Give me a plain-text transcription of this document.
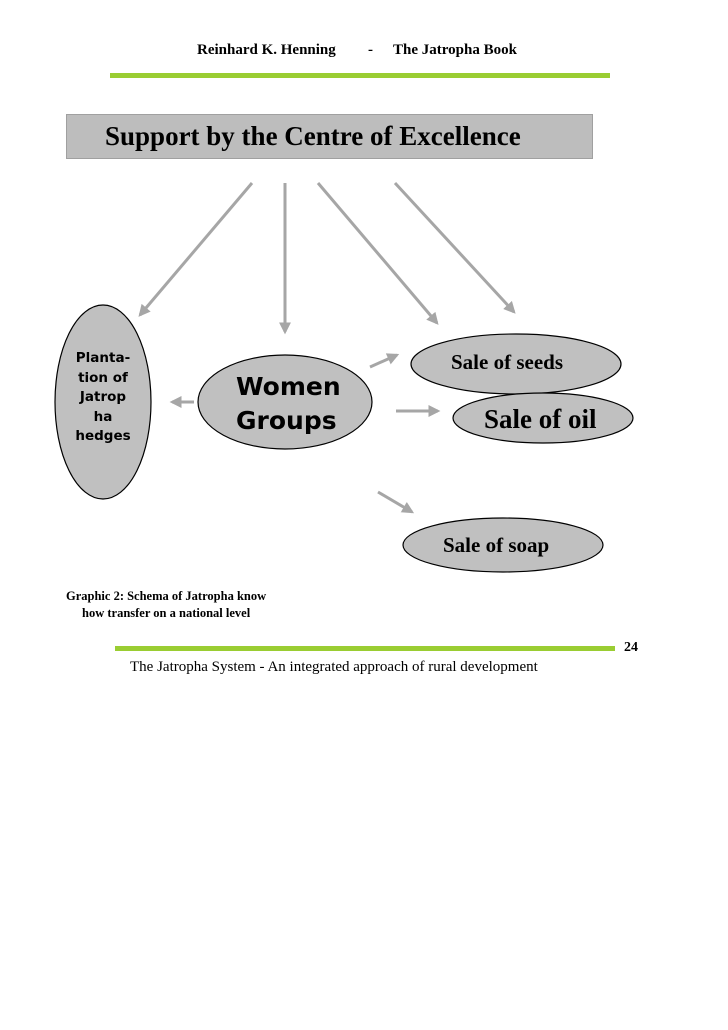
Reinhard K. Henning - The Jatropha Book
Support by the Centre of Excellence
Planta-
tion of
Jatrop
ha
hedges
Women
Groups
Sale of seeds
Sale of oil
Sale of soap
Graphic 2: Schema of Jatropha know
how transfer on a national level
24
The Jatropha System - An integrated approach of rural development
